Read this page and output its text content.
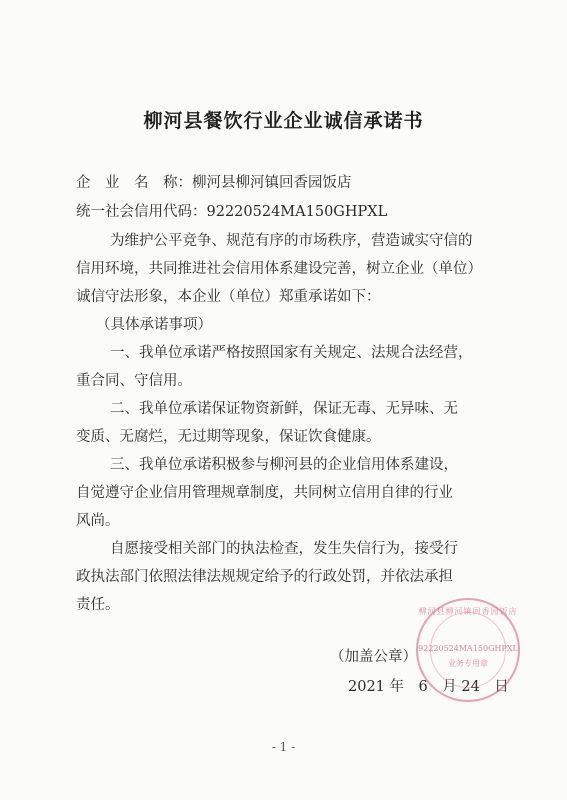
柳河县餐饮行业企业诚信承诺书
企　业　名　称：柳河县柳河镇回香园饭店
统一社会信用代码：92220524MA150GHPXL
为维护公平竞争、规范有序的市场秩序，营造诚实守信的
信用环境，共同推进社会信用体系建设完善，树立企业（单位）
诚信守法形象，本企业（单位）郑重承诺如下：
（具体承诺事项）
一、我单位承诺严格按照国家有关规定、法规合法经营，
重合同、守信用。
二、我单位承诺保证物资新鲜，保证无毒、无异味、无
变质、无腐烂，无过期等现象，保证饮食健康。
三、我单位承诺积极参与柳河县的企业信用体系建设，
自觉遵守企业信用管理规章制度，共同树立信用自律的行业
风尚。
自愿接受相关部门的执法检查，发生失信行为，接受行
政执法部门依照法律法规规定给予的行政处罚，并依法承担
责任。
（加盖公章）
2021 年　6　月 24　日
柳河县柳河镇回香园饭店
92220524MA150GHPXL
业务专用章
- 1 -
